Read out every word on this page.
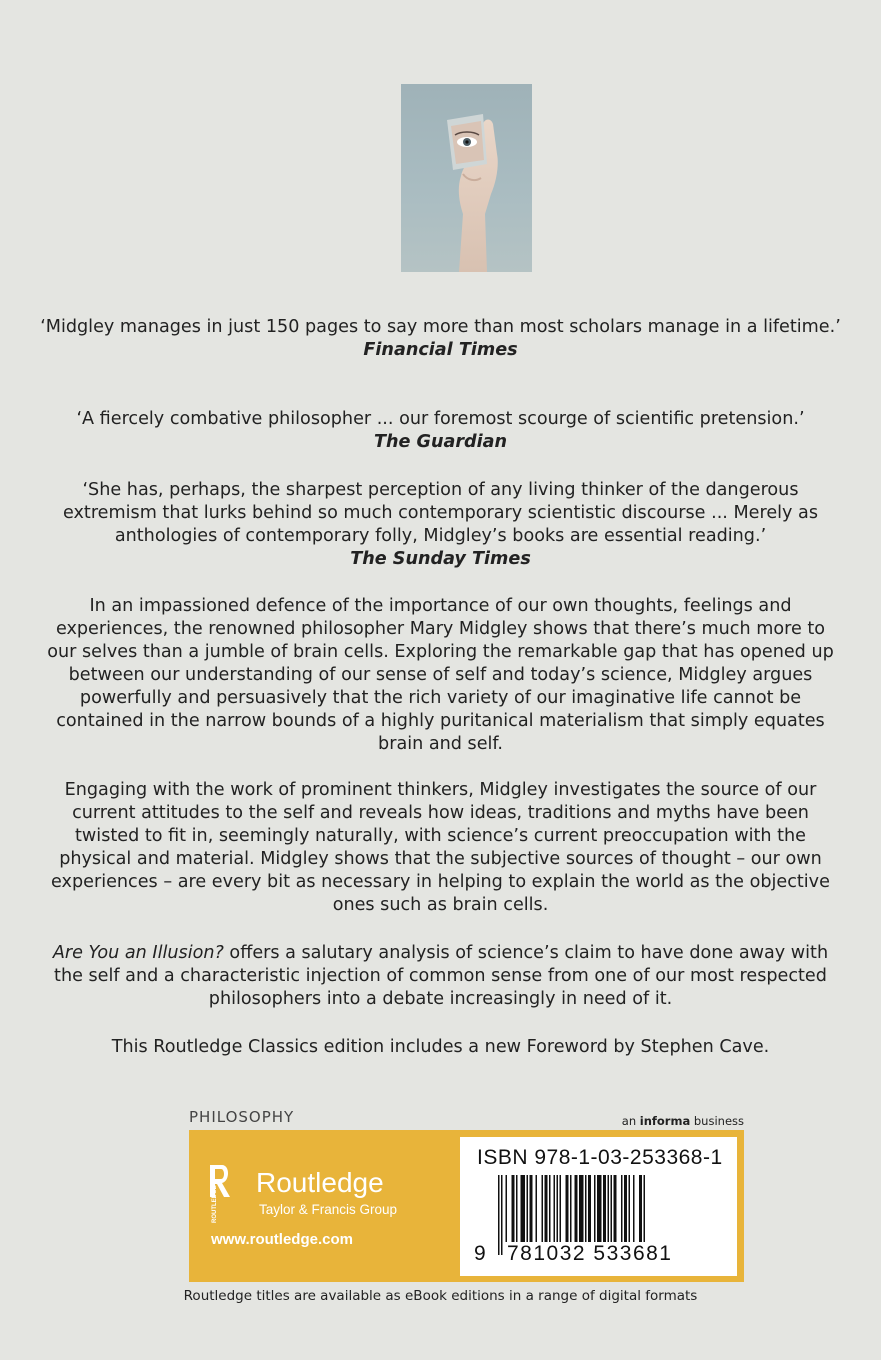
‘Midgley manages in just 150 pages to say more than most scholars manage in a lifetime.’

Financial Times

‘A fiercely combative philosopher ... our foremost scourge of scientific pretension.’

The Guardian

‘She has, perhaps, the sharpest perception of any living thinker of the dangerous extremism that lurks behind so much contemporary scientistic discourse ... Merely as anthologies of contemporary folly, Midgley’s books are essential reading.’

The Sunday Times

In an impassioned defence of the importance of our own thoughts, feelings and experiences, the renowned philosopher Mary Midgley shows that there’s much more to our selves than a jumble of brain cells. Exploring the remarkable gap that has opened up between our understanding of our sense of self and today’s science, Midgley argues powerfully and persuasively that the rich variety of our imaginative life cannot be contained in the narrow bounds of a highly puritanical materialism that simply equates brain and self.

Engaging with the work of prominent thinkers, Midgley investigates the source of our current attitudes to the self and reveals how ideas, traditions and myths have been twisted to fit in, seemingly naturally, with science’s current preoccupation with the physical and material. Midgley shows that the subjective sources of thought – our own experiences – are every bit as necessary in helping to explain the world as the objective ones such as brain cells.

Are You an Illusion? offers a salutary analysis of science’s claim to have done away with the self and a characteristic injection of common sense from one of our most respected philosophers into a debate increasingly in need of it.

This Routledge Classics edition includes a new Foreword by Stephen Cave.

PHILOSOPHY	an informa business
ROUTLEDGE
Routledge
Taylor & Francis Group
www.routledge.com
ISBN 978-1-03-253368-1
9 781032 533681
Routledge titles are available as eBook editions in a range of digital formats
